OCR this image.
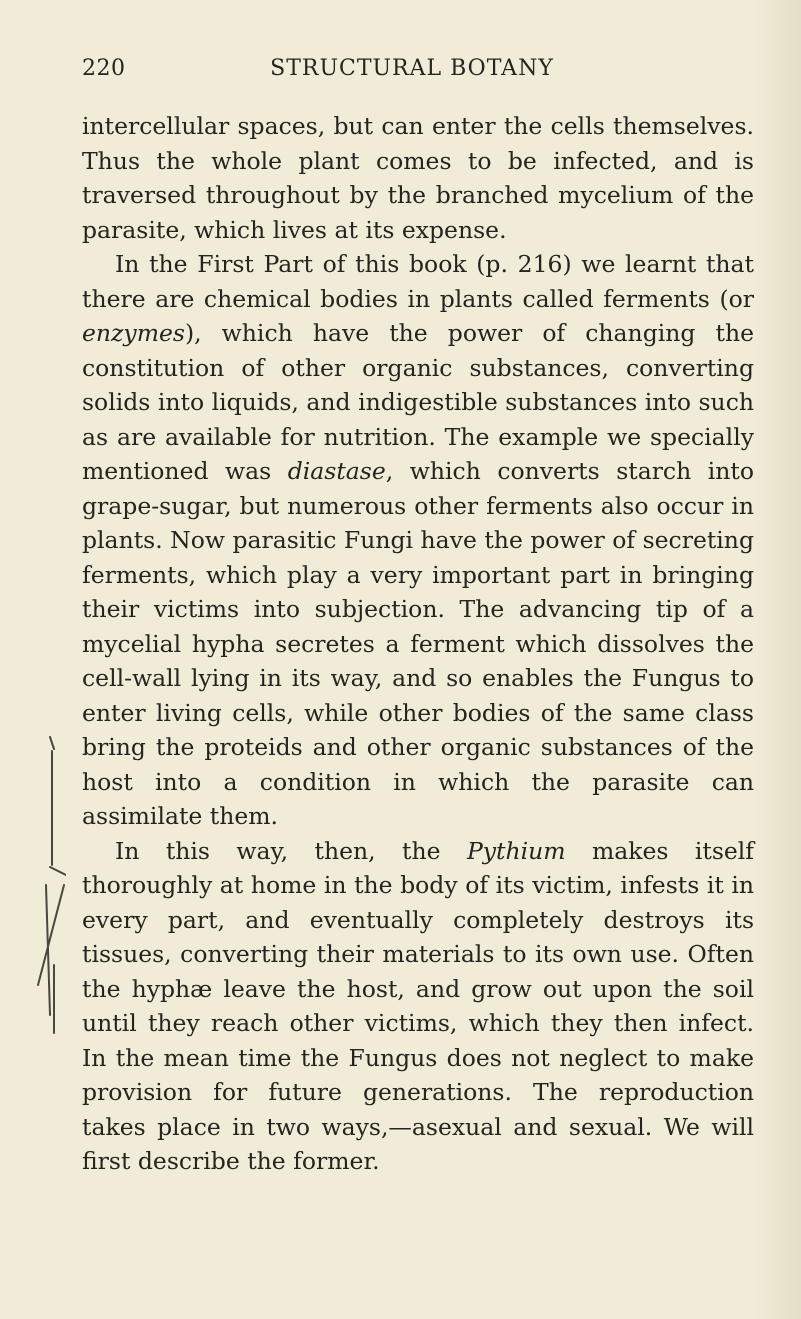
220	STRUCTURAL BOTANY

intercellular spaces, but can enter the cells themselves. Thus the whole plant comes to be infected, and is traversed throughout by the branched mycelium of the parasite, which lives at its expense.

In the First Part of this book (p. 216) we learnt that there are chemical bodies in plants called ferments (or enzymes), which have the power of changing the constitution of other organic substances, converting solids into liquids, and indigestible substances into such as are available for nutrition. The example we specially mentioned was diastase, which converts starch into grape-sugar, but numerous other ferments also occur in plants. Now parasitic Fungi have the power of secreting ferments, which play a very important part in bringing their victims into subjection. The advancing tip of a mycelial hypha secretes a ferment which dissolves the cell-wall lying in its way, and so enables the Fungus to enter living cells, while other bodies of the same class bring the proteids and other organic substances of the host into a condition in which the parasite can assimilate them.

In this way, then, the Pythium makes itself thoroughly at home in the body of its victim, infests it in every part, and eventually completely destroys its tissues, converting their materials to its own use. Often the hyphæ leave the host, and grow out upon the soil until they reach other victims, which they then infect. In the mean time the Fungus does not neglect to make provision for future generations. The reproduction takes place in two ways,—asexual and sexual. We will first describe the former.
